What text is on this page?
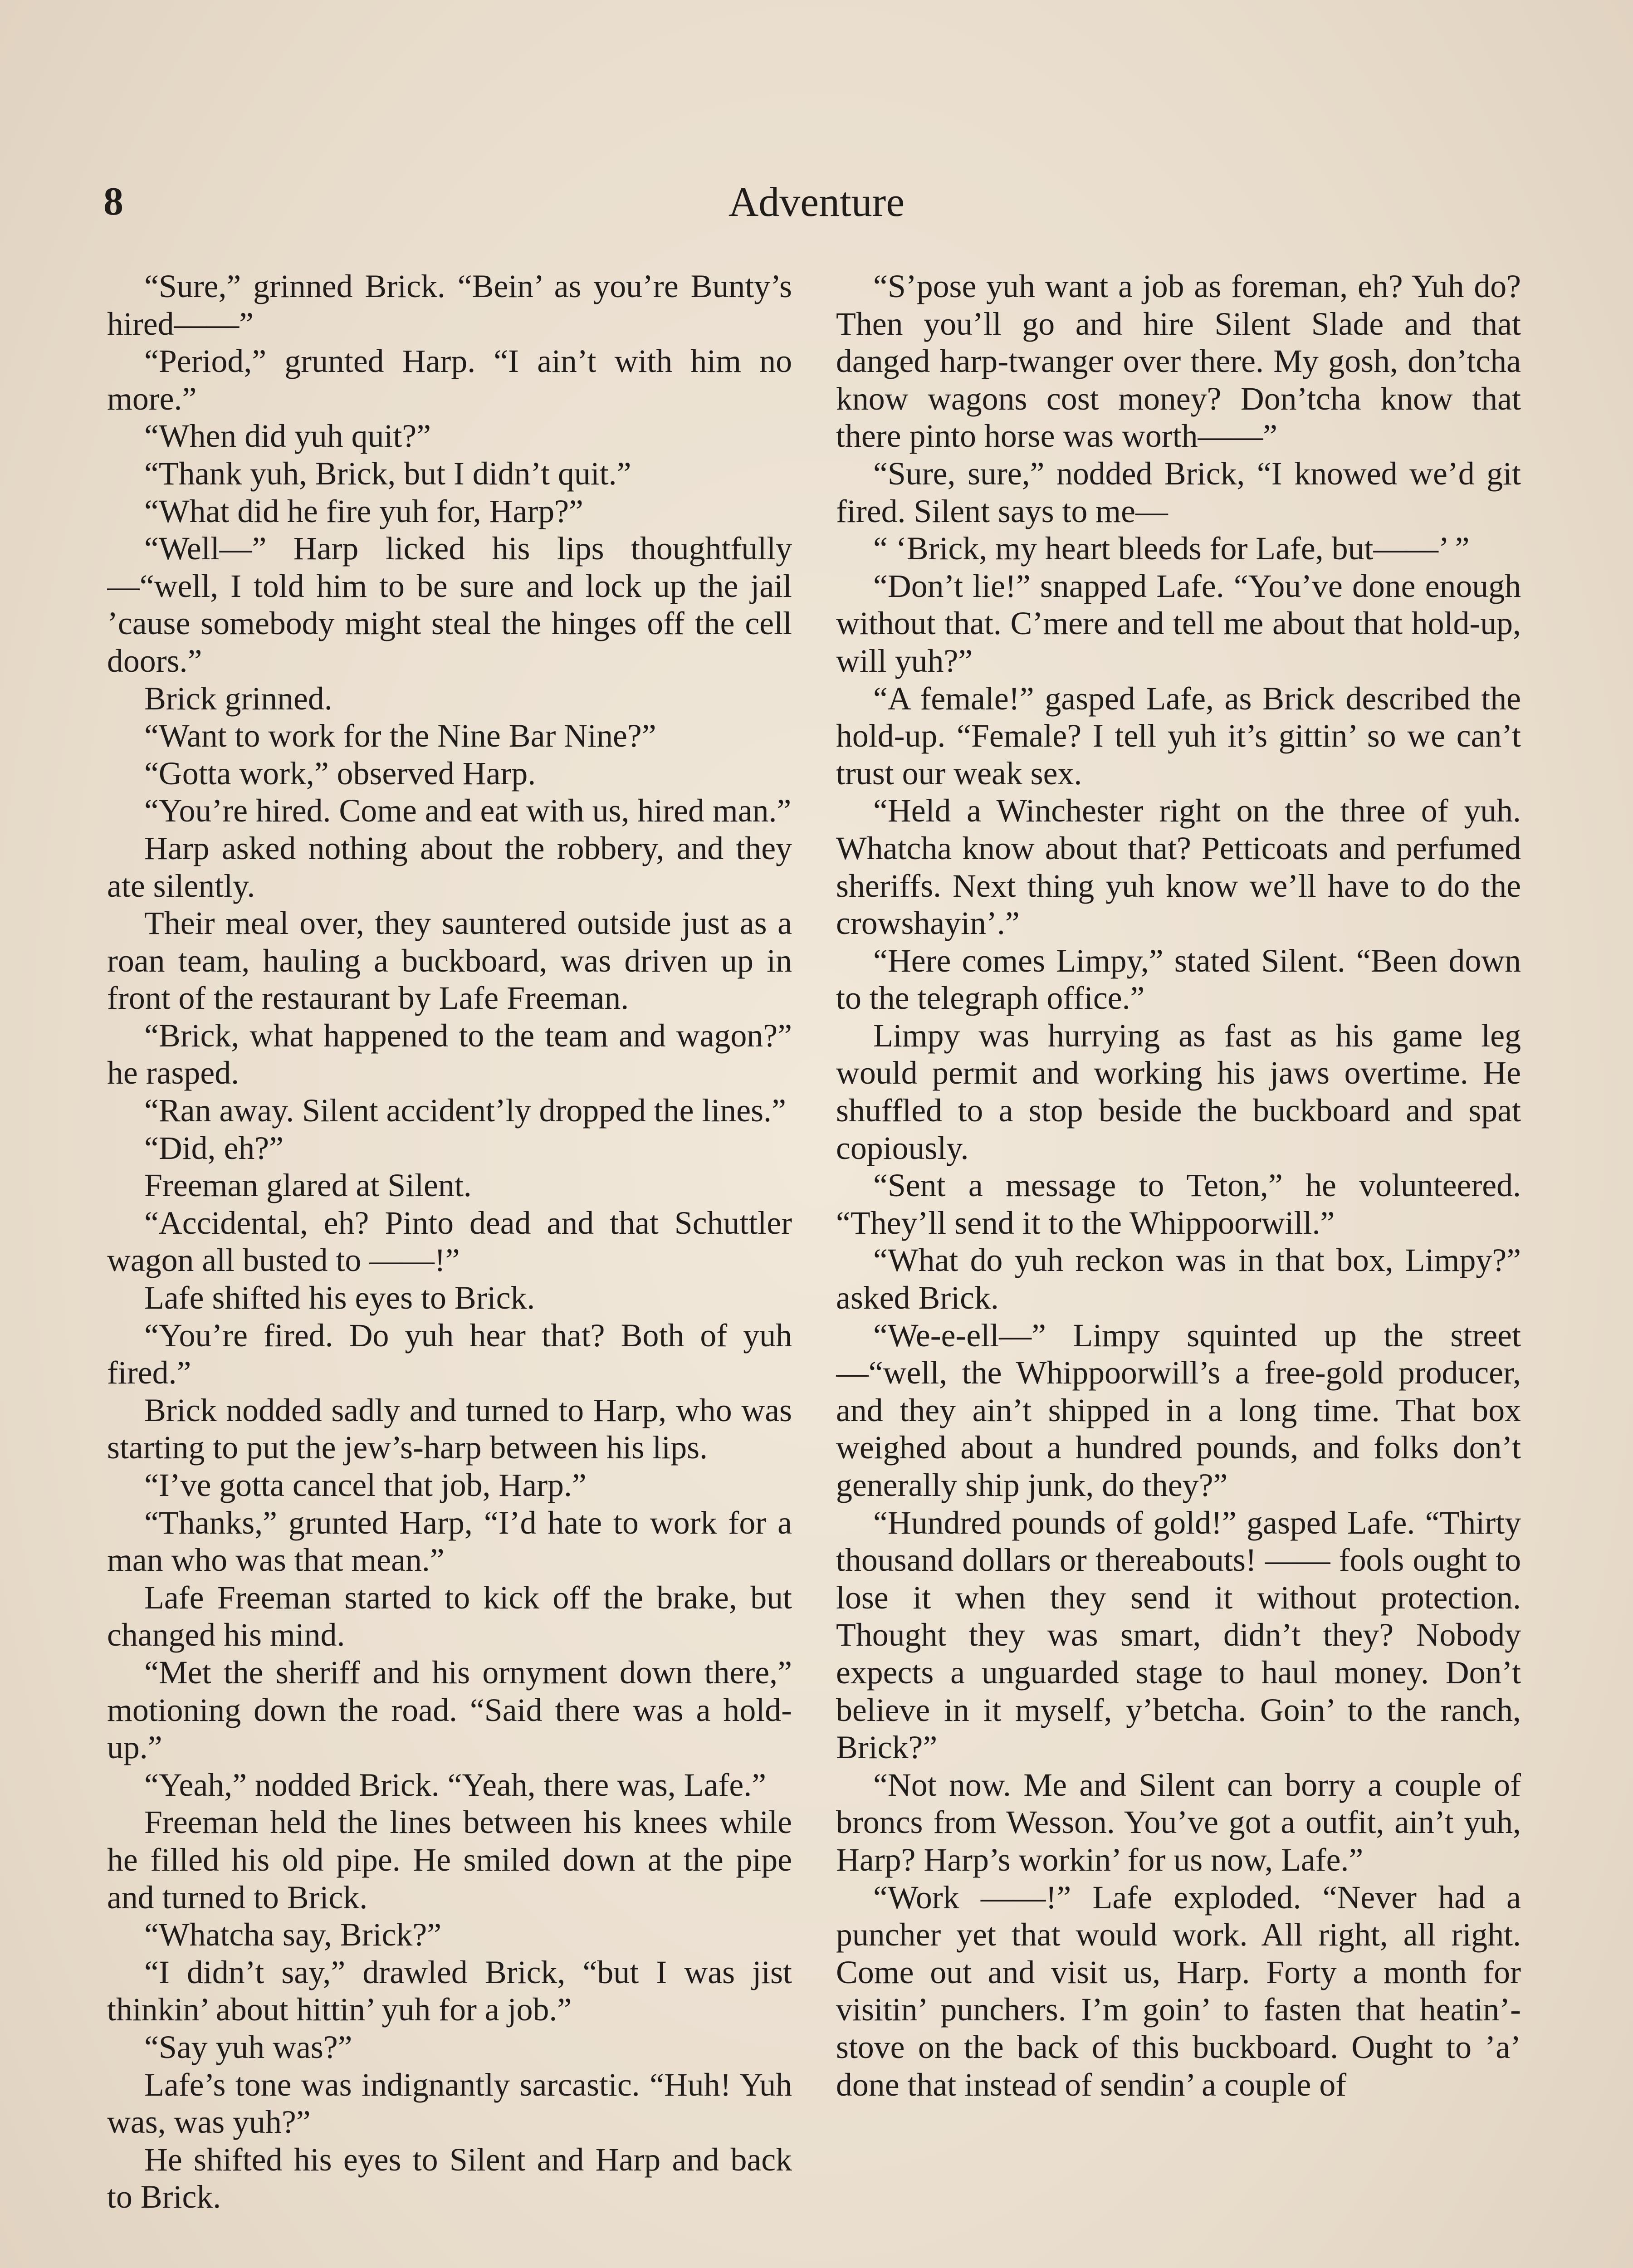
8	Adventure

“Sure,” grinned Brick. “Bein’ as you’re Bunty’s hired——”

“Period,” grunted Harp. “I ain’t with him no more.”

“When did yuh quit?”

“Thank yuh, Brick, but I didn’t quit.”

“What did he fire yuh for, Harp?”

“Well—” Harp licked his lips thoughtfully—“well, I told him to be sure and lock up the jail ’cause somebody might steal the hinges off the cell doors.”

Brick grinned.

“Want to work for the Nine Bar Nine?”

“Gotta work,” observed Harp.

“You’re hired. Come and eat with us, hired man.”

Harp asked nothing about the robbery, and they ate silently.

Their meal over, they sauntered outside just as a roan team, hauling a buckboard, was driven up in front of the restaurant by Lafe Freeman.

“Brick, what happened to the team and wagon?” he rasped.

“Ran away. Silent accident’ly dropped the lines.”

“Did, eh?”

Freeman glared at Silent.

“Accidental, eh? Pinto dead and that Schuttler wagon all busted to ——!”

Lafe shifted his eyes to Brick.

“You’re fired. Do yuh hear that? Both of yuh fired.”

Brick nodded sadly and turned to Harp, who was starting to put the jew’s-harp between his lips.

“I’ve gotta cancel that job, Harp.”

“Thanks,” grunted Harp, “I’d hate to work for a man who was that mean.”

Lafe Freeman started to kick off the brake, but changed his mind.

“Met the sheriff and his ornyment down there,” motioning down the road. “Said there was a hold-up.”

“Yeah,” nodded Brick. “Yeah, there was, Lafe.”

Freeman held the lines between his knees while he filled his old pipe. He smiled down at the pipe and turned to Brick.

“Whatcha say, Brick?”

“I didn’t say,” drawled Brick, “but I was jist thinkin’ about hittin’ yuh for a job.”

“Say yuh was?”

Lafe’s tone was indignantly sarcastic. “Huh! Yuh was, was yuh?”

He shifted his eyes to Silent and Harp and back to Brick.

“S’pose yuh want a job as foreman, eh? Yuh do? Then you’ll go and hire Silent Slade and that danged harp-twanger over there. My gosh, don’tcha know wagons cost money? Don’tcha know that there pinto horse was worth——”

“Sure, sure,” nodded Brick, “I knowed we’d git fired. Silent says to me—

“ ‘Brick, my heart bleeds for Lafe, but——’ ”

“Don’t lie!” snapped Lafe. “You’ve done enough without that. C’mere and tell me about that hold-up, will yuh?”

“A female!” gasped Lafe, as Brick described the hold-up. “Female? I tell yuh it’s gittin’ so we can’t trust our weak sex.

“Held a Winchester right on the three of yuh. Whatcha know about that? Petticoats and perfumed sheriffs. Next thing yuh know we’ll have to do the crowshayin’.”

“Here comes Limpy,” stated Silent. “Been down to the telegraph office.”

Limpy was hurrying as fast as his game leg would permit and working his jaws overtime. He shuffled to a stop beside the buckboard and spat copiously.

“Sent a message to Teton,” he volunteered. “They’ll send it to the Whippoorwill.”

“What do yuh reckon was in that box, Limpy?” asked Brick.

“We-e-ell—” Limpy squinted up the street—“well, the Whippoorwill’s a free-gold producer, and they ain’t shipped in a long time. That box weighed about a hundred pounds, and folks don’t generally ship junk, do they?”

“Hundred pounds of gold!” gasped Lafe. “Thirty thousand dollars or thereabouts! —— fools ought to lose it when they send it without protection. Thought they was smart, didn’t they? Nobody expects a unguarded stage to haul money. Don’t believe in it myself, y’betcha. Goin’ to the ranch, Brick?”

“Not now. Me and Silent can borry a couple of broncs from Wesson. You’ve got a outfit, ain’t yuh, Harp? Harp’s workin’ for us now, Lafe.”

“Work ——!” Lafe exploded. “Never had a puncher yet that would work. All right, all right. Come out and visit us, Harp. Forty a month for visitin’ punchers. I’m goin’ to fasten that heatin’-stove on the back of this buckboard. Ought to ’a’ done that instead of sendin’ a couple of
